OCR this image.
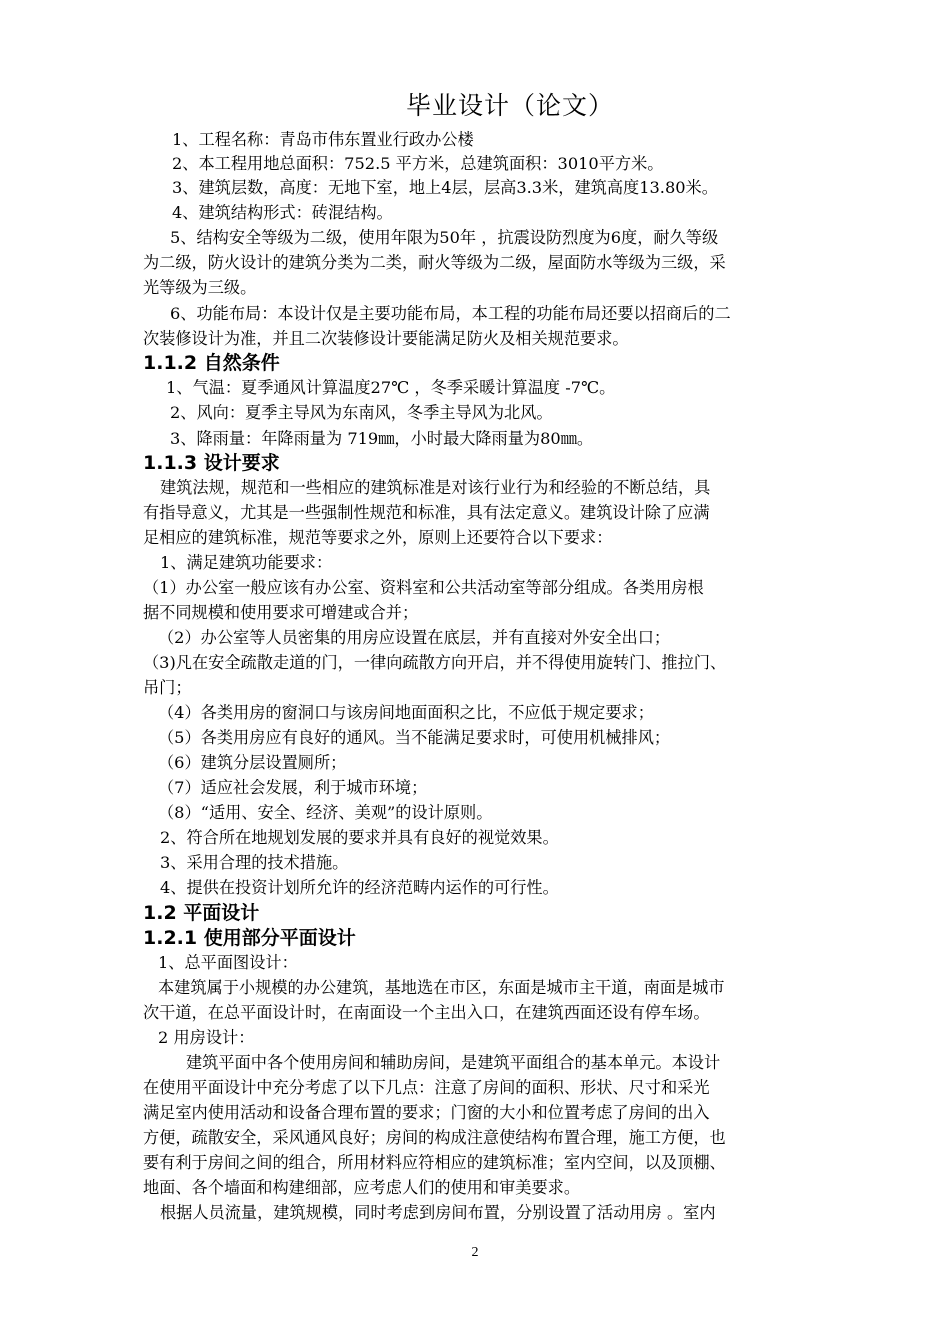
毕业设计（论文）
1、工程名称：青岛市伟东置业行政办公楼
2、本工程用地总面积：752.5 平方米，总建筑面积：3010平方米。
3、建筑层数，高度：无地下室，地上4层，层高3.3米，建筑高度13.80米。
4、建筑结构形式：砖混结构。
5、结构安全等级为二级，使用年限为50年 ，抗震设防烈度为6度，耐久等级
为二级，防火设计的建筑分类为二类，耐火等级为二级，屋面防水等级为三级，采
光等级为三级。
6、功能布局：本设计仅是主要功能布局，本工程的功能布局还要以招商后的二
次装修设计为准，并且二次装修设计要能满足防火及相关规范要求。
1.1.2 自然条件
1、气温：夏季通风计算温度27℃ ，冬季采暖计算温度 -7℃。
2、风向：夏季主导风为东南风，冬季主导风为北风。
3、降雨量：年降雨量为 719㎜，小时最大降雨量为80㎜。
1.1.3 设计要求
建筑法规，规范和一些相应的建筑标准是对该行业行为和经验的不断总结，具
有指导意义，尤其是一些强制性规范和标准，具有法定意义。建筑设计除了应满
足相应的建筑标准，规范等要求之外，原则上还要符合以下要求：
1、满足建筑功能要求：
（1）办公室一般应该有办公室、资料室和公共活动室等部分组成。各类用房根
据不同规模和使用要求可增建或合并；
（2）办公室等人员密集的用房应设置在底层，并有直接对外安全出口；
（3)凡在安全疏散走道的门，一律向疏散方向开启，并不得使用旋转门、推拉门、
吊门；
（4）各类用房的窗洞口与该房间地面面积之比，不应低于规定要求；
（5）各类用房应有良好的通风。当不能满足要求时，可使用机械排风；
（6）建筑分层设置厕所；
（7）适应社会发展，利于城市环境；
（8）“适用、安全、经济、美观”的设计原则。
2、符合所在地规划发展的要求并具有良好的视觉效果。
3、采用合理的技术措施。
4、提供在投资计划所允许的经济范畴内运作的可行性。
1.2 平面设计
1.2.1 使用部分平面设计
1、总平面图设计：
本建筑属于小规模的办公建筑，基地选在市区，东面是城市主干道，南面是城市
次干道，在总平面设计时，在南面设一个主出入口，在建筑西面还设有停车场。
2 用房设计：
建筑平面中各个使用房间和辅助房间，是建筑平面组合的基本单元。本设计
在使用平面设计中充分考虑了以下几点：注意了房间的面积、形状、尺寸和采光
满足室内使用活动和设备合理布置的要求；门窗的大小和位置考虑了房间的出入
方便，疏散安全，采风通风良好；房间的构成注意使结构布置合理，施工方便，也
要有利于房间之间的组合，所用材料应符相应的建筑标准；室内空间，以及顶棚、
地面、各个墙面和构建细部，应考虑人们的使用和审美要求。
根据人员流量，建筑规模，同时考虑到房间布置，分别设置了活动用房 。室内
2
